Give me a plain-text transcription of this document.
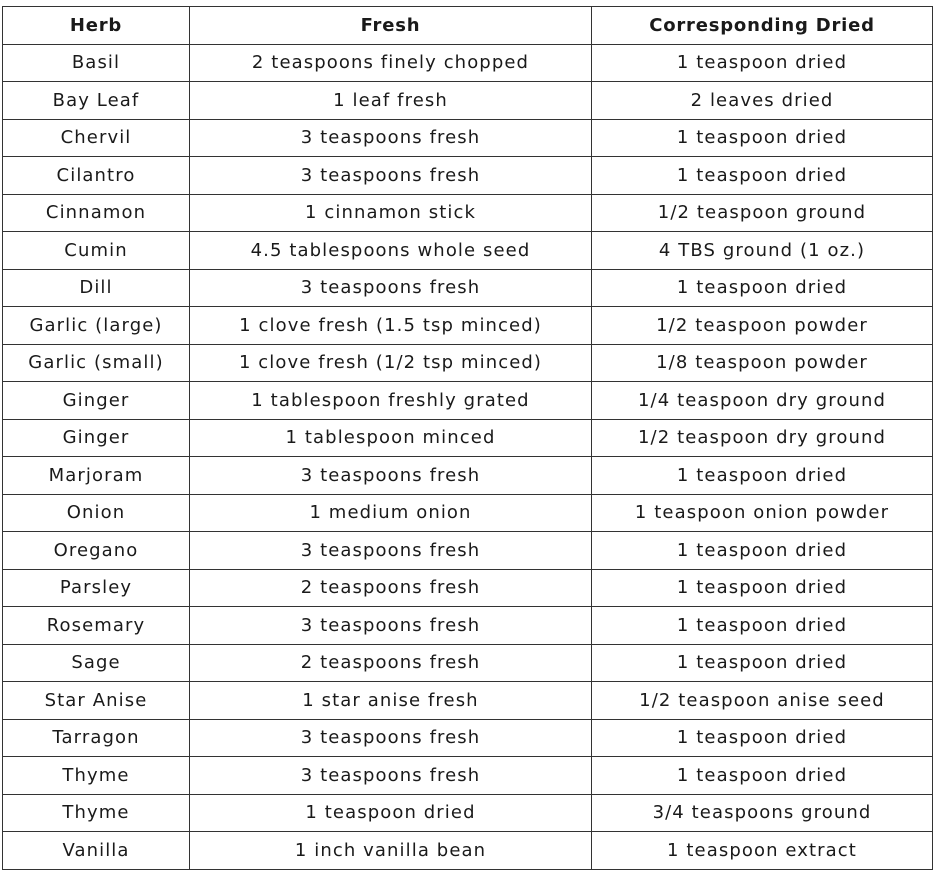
Herb	Fresh	Corresponding Dried
Basil	2 teaspoons finely chopped	1 teaspoon dried
Bay Leaf	1 leaf fresh	2 leaves dried
Chervil	3 teaspoons fresh	1 teaspoon dried
Cilantro	3 teaspoons fresh	1 teaspoon dried
Cinnamon	1 cinnamon stick	1/2 teaspoon ground
Cumin	4.5 tablespoons whole seed	4 TBS ground (1 oz.)
Dill	3 teaspoons fresh	1 teaspoon dried
Garlic (large)	1 clove fresh (1.5 tsp minced)	1/2 teaspoon powder
Garlic (small)	1 clove fresh (1/2 tsp minced)	1/8 teaspoon powder
Ginger	1 tablespoon freshly grated	1/4 teaspoon dry ground
Ginger	1 tablespoon minced	1/2 teaspoon dry ground
Marjoram	3 teaspoons fresh	1 teaspoon dried
Onion	1 medium onion	1 teaspoon onion powder
Oregano	3 teaspoons fresh	1 teaspoon dried
Parsley	2 teaspoons fresh	1 teaspoon dried
Rosemary	3 teaspoons fresh	1 teaspoon dried
Sage	2 teaspoons fresh	1 teaspoon dried
Star Anise	1 star anise fresh	1/2 teaspoon anise seed
Tarragon	3 teaspoons fresh	1 teaspoon dried
Thyme	3 teaspoons fresh	1 teaspoon dried
Thyme	1 teaspoon dried	3/4 teaspoons ground
Vanilla	1 inch vanilla bean	1 teaspoon extract
